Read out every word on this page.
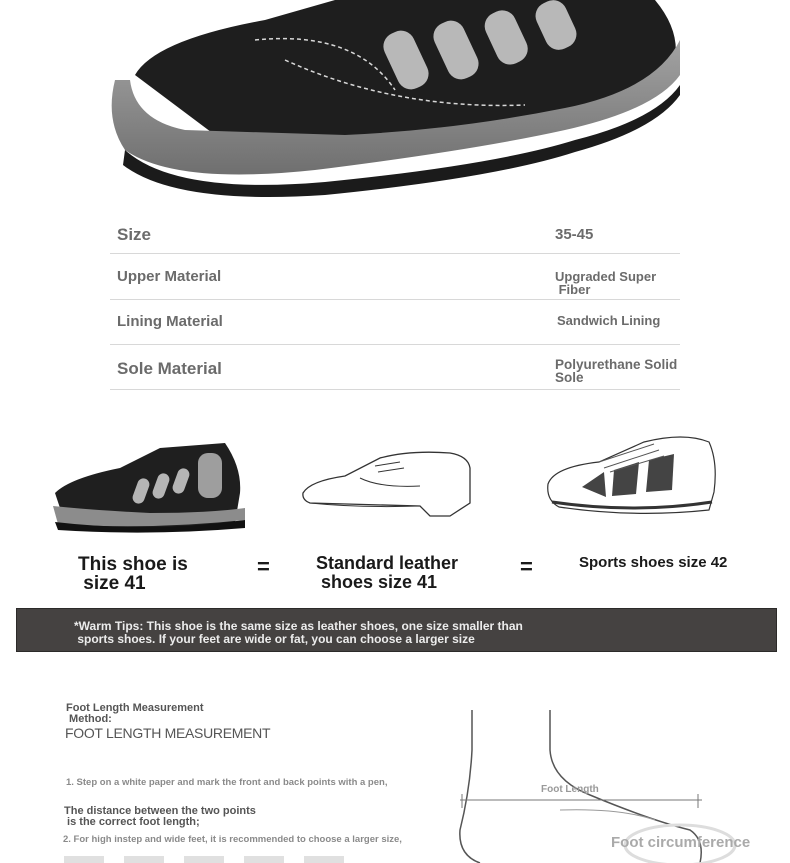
Size	35-45
Upper Material	Upgraded Super
Fiber
Lining Material	Sandwich Lining
Sole Material	Polyurethane Solid Sole
This shoe is
size 41
=	Standard leather
shoes size 41
=	Sports shoes size 42
*Warm Tips: This shoe is the same size as leather shoes, one size smaller than
sports shoes. If your feet are wide or fat, you can choose a larger size
Foot Length Measurement
Method:
FOOT LENGTH MEASUREMENT
1. Step on a white paper and mark the front and back points with a pen,
The distance between the two points
is the correct foot length;
2. For high instep and wide feet, it is recommended to choose a larger size,
Foot Length
Foot circumference
